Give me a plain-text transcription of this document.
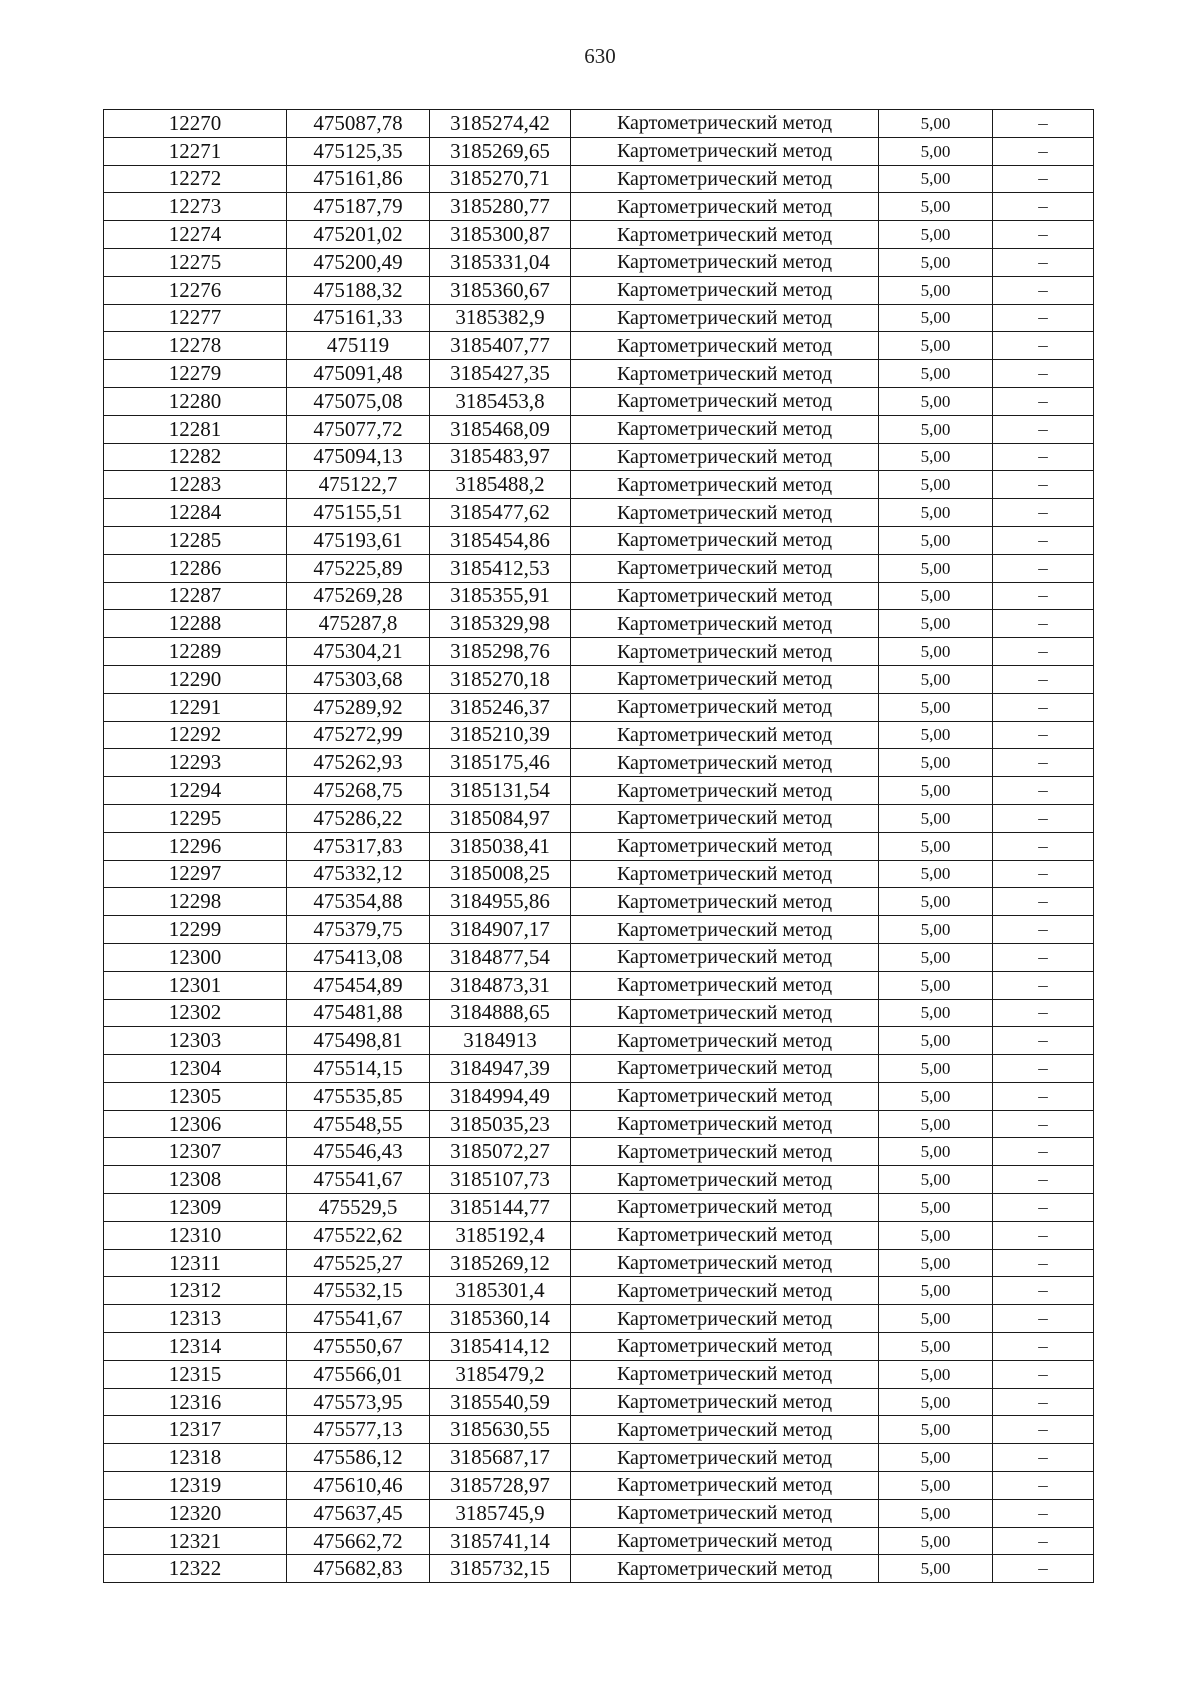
630
12270	475087,78	3185274,42	Картометрический метод	5,00	–
12271	475125,35	3185269,65	Картометрический метод	5,00	–
12272	475161,86	3185270,71	Картометрический метод	5,00	–
12273	475187,79	3185280,77	Картометрический метод	5,00	–
12274	475201,02	3185300,87	Картометрический метод	5,00	–
12275	475200,49	3185331,04	Картометрический метод	5,00	–
12276	475188,32	3185360,67	Картометрический метод	5,00	–
12277	475161,33	3185382,9	Картометрический метод	5,00	–
12278	475119	3185407,77	Картометрический метод	5,00	–
12279	475091,48	3185427,35	Картометрический метод	5,00	–
12280	475075,08	3185453,8	Картометрический метод	5,00	–
12281	475077,72	3185468,09	Картометрический метод	5,00	–
12282	475094,13	3185483,97	Картометрический метод	5,00	–
12283	475122,7	3185488,2	Картометрический метод	5,00	–
12284	475155,51	3185477,62	Картометрический метод	5,00	–
12285	475193,61	3185454,86	Картометрический метод	5,00	–
12286	475225,89	3185412,53	Картометрический метод	5,00	–
12287	475269,28	3185355,91	Картометрический метод	5,00	–
12288	475287,8	3185329,98	Картометрический метод	5,00	–
12289	475304,21	3185298,76	Картометрический метод	5,00	–
12290	475303,68	3185270,18	Картометрический метод	5,00	–
12291	475289,92	3185246,37	Картометрический метод	5,00	–
12292	475272,99	3185210,39	Картометрический метод	5,00	–
12293	475262,93	3185175,46	Картометрический метод	5,00	–
12294	475268,75	3185131,54	Картометрический метод	5,00	–
12295	475286,22	3185084,97	Картометрический метод	5,00	–
12296	475317,83	3185038,41	Картометрический метод	5,00	–
12297	475332,12	3185008,25	Картометрический метод	5,00	–
12298	475354,88	3184955,86	Картометрический метод	5,00	–
12299	475379,75	3184907,17	Картометрический метод	5,00	–
12300	475413,08	3184877,54	Картометрический метод	5,00	–
12301	475454,89	3184873,31	Картометрический метод	5,00	–
12302	475481,88	3184888,65	Картометрический метод	5,00	–
12303	475498,81	3184913	Картометрический метод	5,00	–
12304	475514,15	3184947,39	Картометрический метод	5,00	–
12305	475535,85	3184994,49	Картометрический метод	5,00	–
12306	475548,55	3185035,23	Картометрический метод	5,00	–
12307	475546,43	3185072,27	Картометрический метод	5,00	–
12308	475541,67	3185107,73	Картометрический метод	5,00	–
12309	475529,5	3185144,77	Картометрический метод	5,00	–
12310	475522,62	3185192,4	Картометрический метод	5,00	–
12311	475525,27	3185269,12	Картометрический метод	5,00	–
12312	475532,15	3185301,4	Картометрический метод	5,00	–
12313	475541,67	3185360,14	Картометрический метод	5,00	–
12314	475550,67	3185414,12	Картометрический метод	5,00	–
12315	475566,01	3185479,2	Картометрический метод	5,00	–
12316	475573,95	3185540,59	Картометрический метод	5,00	–
12317	475577,13	3185630,55	Картометрический метод	5,00	–
12318	475586,12	3185687,17	Картометрический метод	5,00	–
12319	475610,46	3185728,97	Картометрический метод	5,00	–
12320	475637,45	3185745,9	Картометрический метод	5,00	–
12321	475662,72	3185741,14	Картометрический метод	5,00	–
12322	475682,83	3185732,15	Картометрический метод	5,00	–
